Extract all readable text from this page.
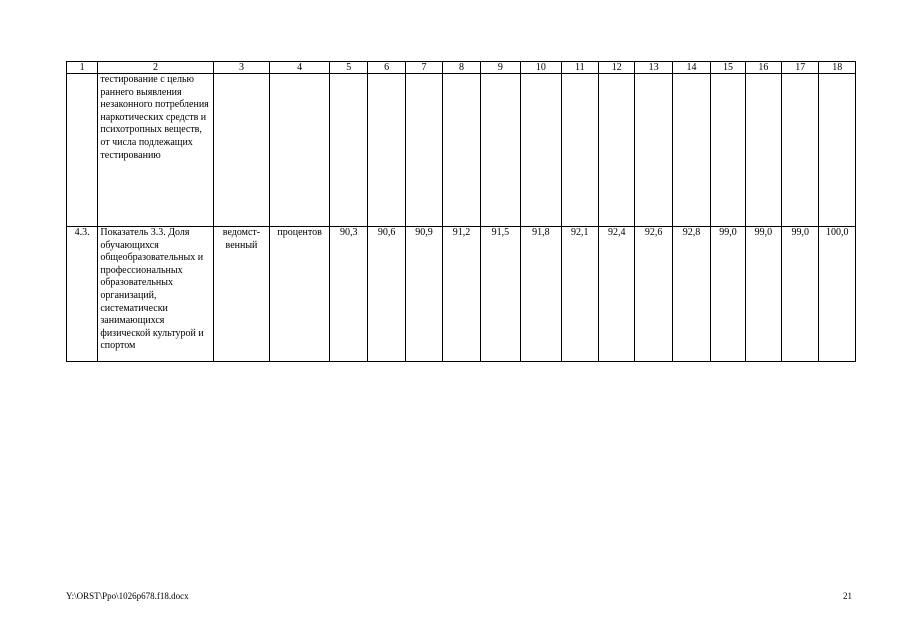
1	2	3	4	5	6	7	8	9	10	11	12	13	14	15	16	17	18
	тестирование с целью раннего выявления незаконного потребления наркотических средств и психотропных веществ, от числа подлежащих тестированию																
4.3.	Показатель 3.3. Доля обучающихся общеобразовательных и профессиональных образовательных организаций, систематически занимающихся физической культурой и спортом	ведомст- венный	процентов	90,3	90,6	90,9	91,2	91,5	91,8	92,1	92,4	92,6	92,8	99,0	99,0	99,0	100,0
Y:\ORST\Ppo\1026p678.f18.docx	21
